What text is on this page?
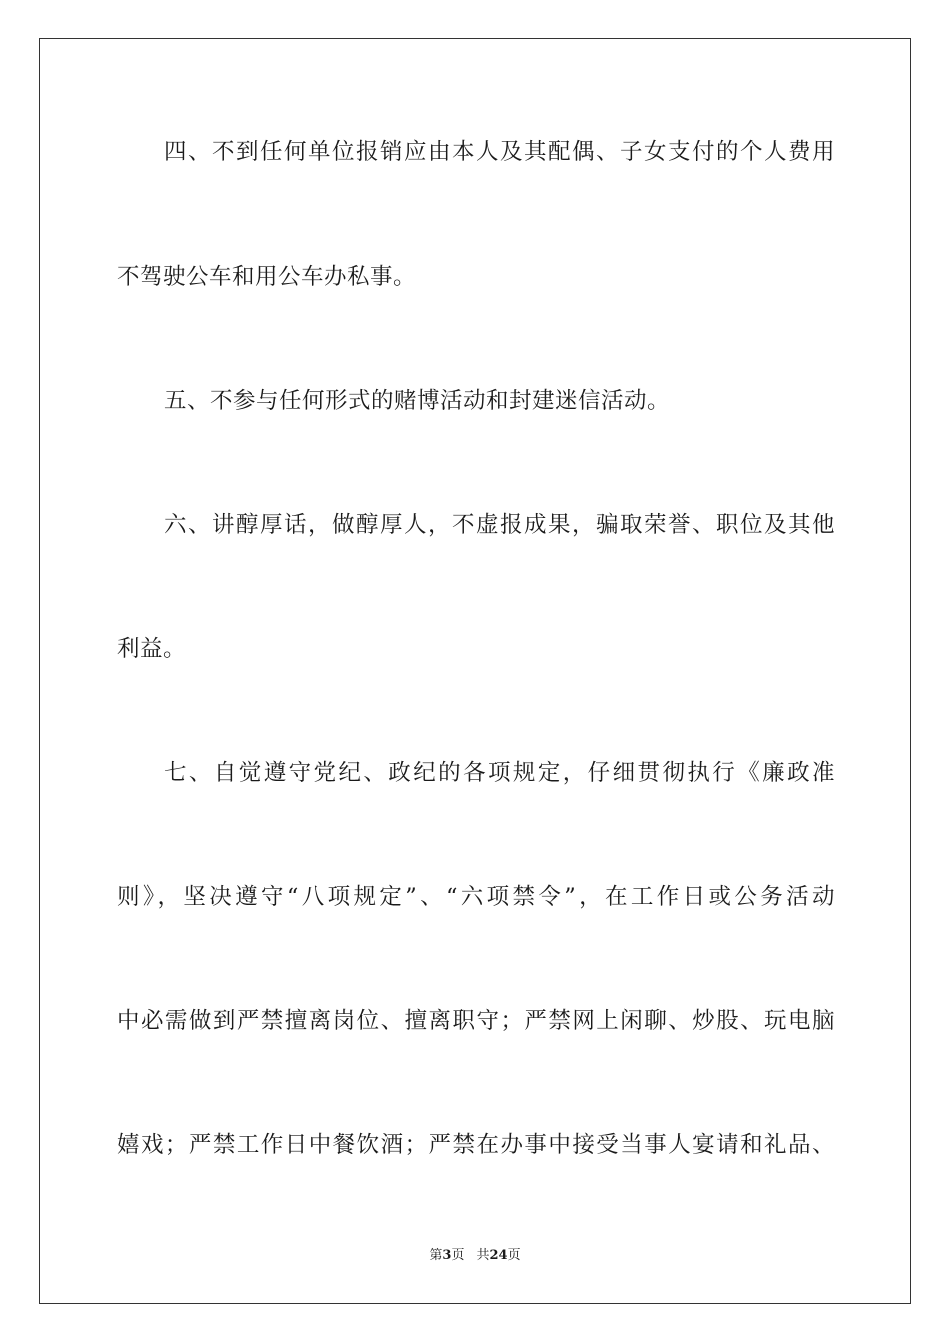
四、不到任何单位报销应由本人及其配偶、子女支付的个人费用
不驾驶公车和用公车办私事。
五、不参与任何形式的赌博活动和封建迷信活动。
六、讲醇厚话，做醇厚人，不虚报成果，骗取荣誉、职位及其他
利益。
七、自觉遵守党纪、政纪的各项规定，仔细贯彻执行《廉政准
则》，坚决遵守“八项规定”、“六项禁令”，在工作日或公务活动
中必需做到严禁擅离岗位、擅离职守；严禁网上闲聊、炒股、玩电脑
嬉戏；严禁工作日中餐饮酒；严禁在办事中接受当事人宴请和礼品、
第3页 共24页
